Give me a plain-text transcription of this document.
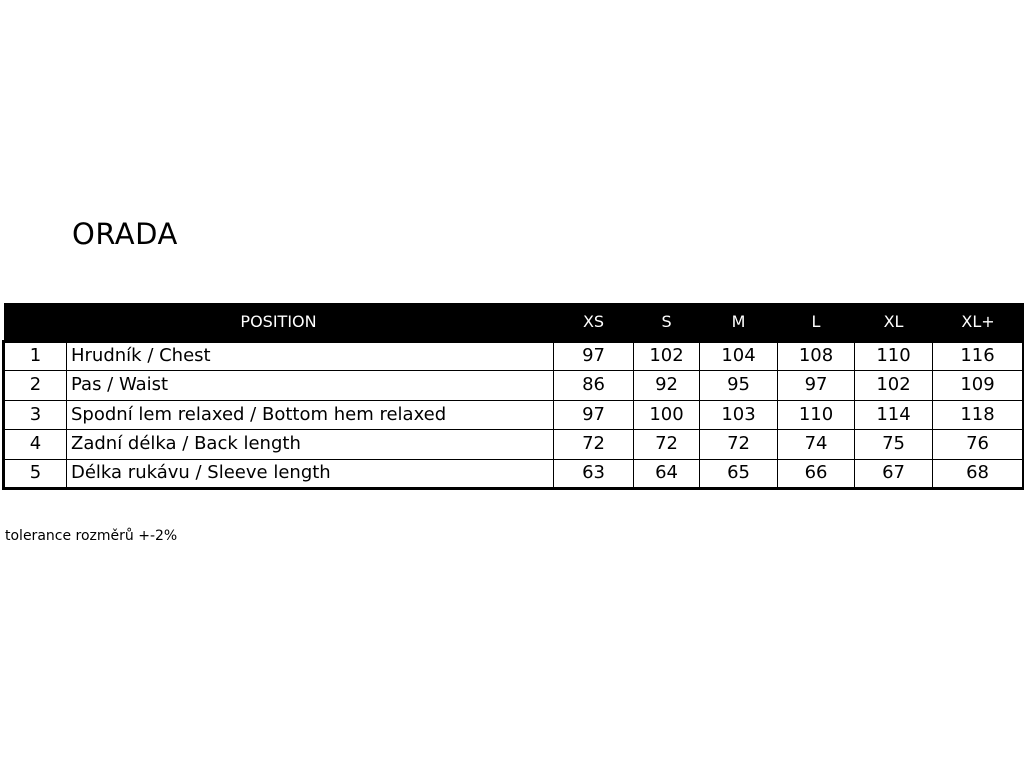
ORADA
POSITION		XS	S	M	L	XL	XL+
1	Hrudník / Chest	97	102	104	108	110	116
2	Pas / Waist	86	92	95	97	102	109
3	Spodní lem relaxed / Bottom hem relaxed	97	100	103	110	114	118
4	Zadní délka / Back length	72	72	72	74	75	76
5	Délka rukávu / Sleeve length	63	64	65	66	67	68
tolerance rozměrů +-2%
